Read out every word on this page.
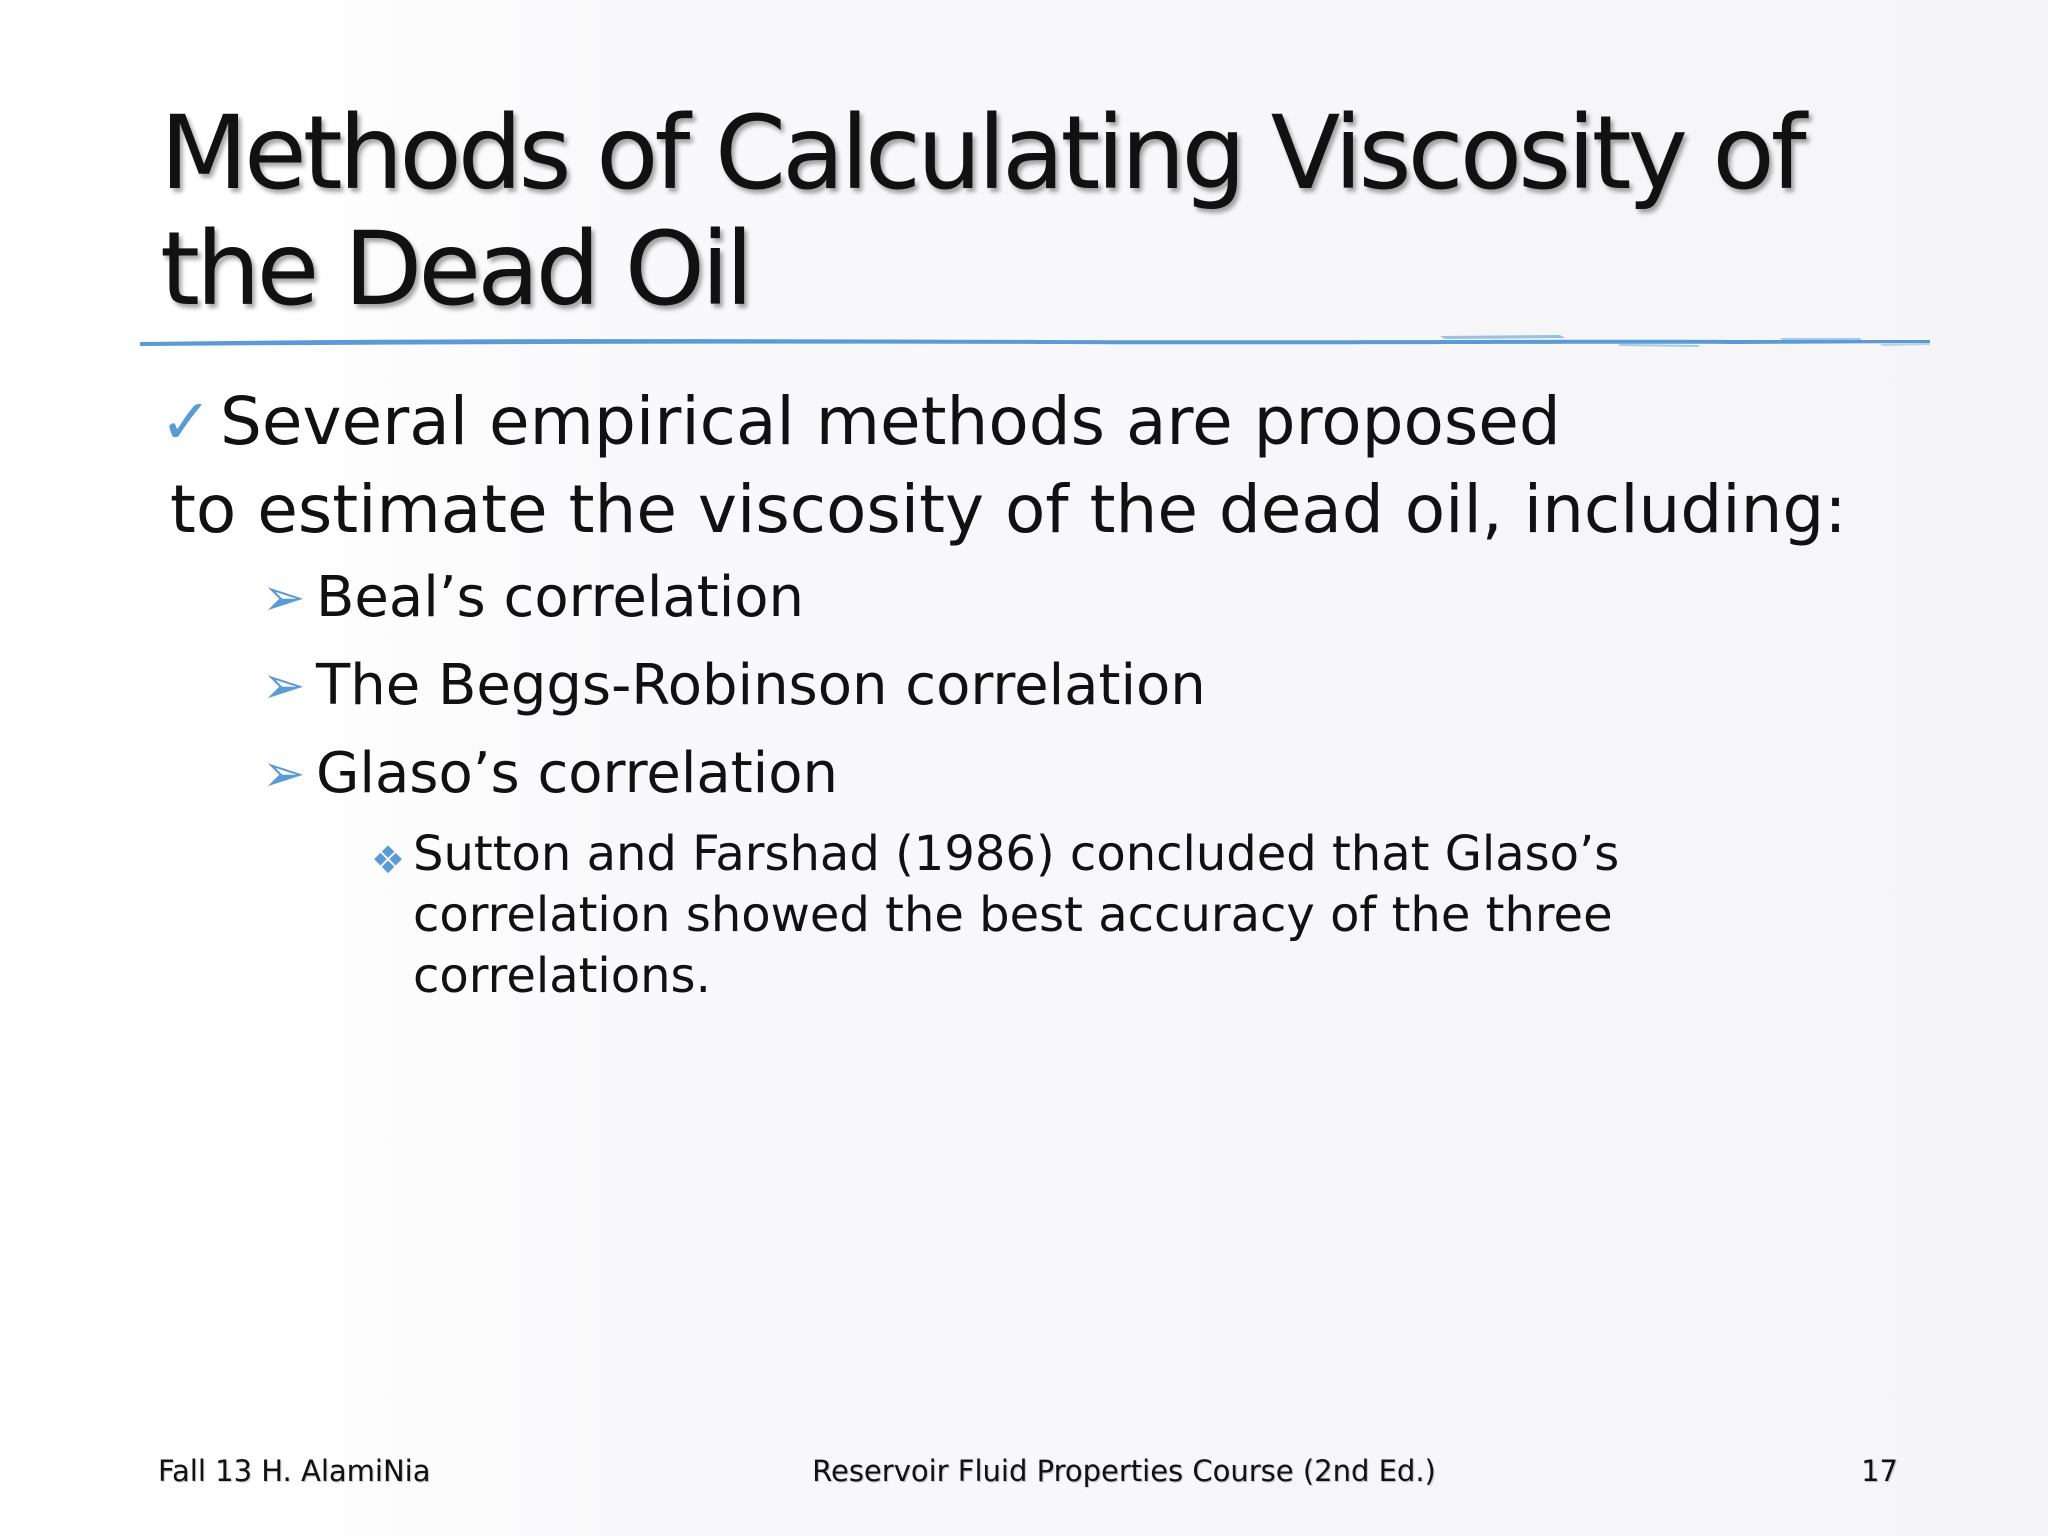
Methods of Calculating Viscosity of the Dead Oil
✓ Several empirical methods are proposed
to estimate the viscosity of the dead oil, including:
➢ Beal’s correlation
➢ The Beggs-Robinson correlation
➢ Glaso’s correlation
❖ Sutton and Farshad (1986) concluded that Glaso’s correlation showed the best accuracy of the three correlations.
Fall 13 H. AlamiNia	Reservoir Fluid Properties Course (2nd Ed.)	17
